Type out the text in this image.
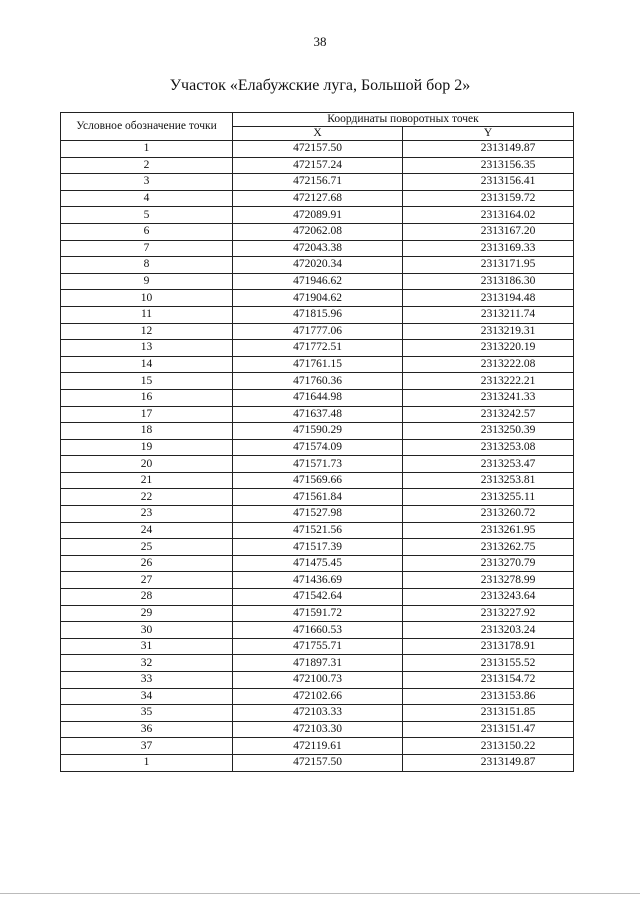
38
Участок «Елабужские луга, Большой бор 2»
Условное обозначение точки	Координаты поворотных точек	
	X	Y
1	472157.50	2313149.87
2	472157.24	2313156.35
3	472156.71	2313156.41
4	472127.68	2313159.72
5	472089.91	2313164.02
6	472062.08	2313167.20
7	472043.38	2313169.33
8	472020.34	2313171.95
9	471946.62	2313186.30
10	471904.62	2313194.48
11	471815.96	2313211.74
12	471777.06	2313219.31
13	471772.51	2313220.19
14	471761.15	2313222.08
15	471760.36	2313222.21
16	471644.98	2313241.33
17	471637.48	2313242.57
18	471590.29	2313250.39
19	471574.09	2313253.08
20	471571.73	2313253.47
21	471569.66	2313253.81
22	471561.84	2313255.11
23	471527.98	2313260.72
24	471521.56	2313261.95
25	471517.39	2313262.75
26	471475.45	2313270.79
27	471436.69	2313278.99
28	471542.64	2313243.64
29	471591.72	2313227.92
30	471660.53	2313203.24
31	471755.71	2313178.91
32	471897.31	2313155.52
33	472100.73	2313154.72
34	472102.66	2313153.86
35	472103.33	2313151.85
36	472103.30	2313151.47
37	472119.61	2313150.22
1	472157.50	2313149.87
